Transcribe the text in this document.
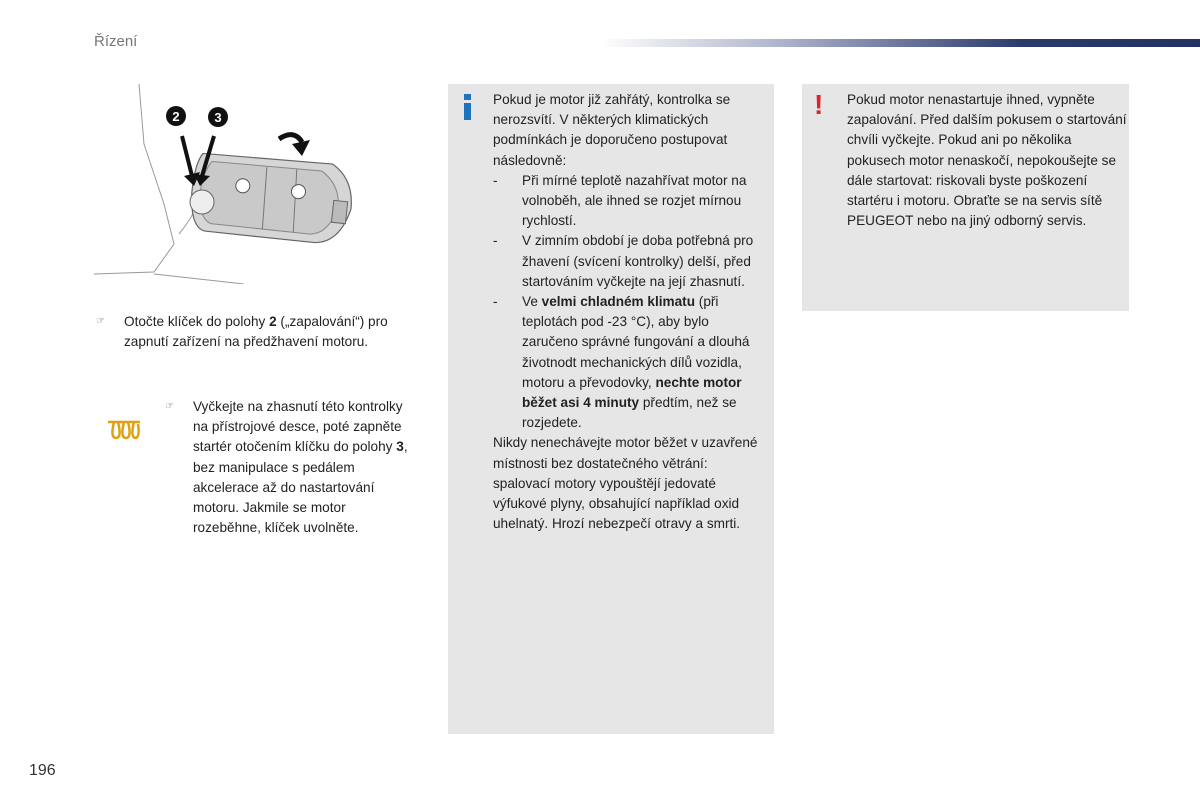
Řízení
2	3
☞ Otočte klíček do polohy 2 („zapalování“) pro zapnutí zařízení na předžhavení motoru.
☞ Vyčkejte na zhasnutí této kontrolky na přístrojové desce, poté zapněte startér otočením klíčku do polohy 3, bez manipulace s pedálem akcelerace až do nastartování motoru. Jakmile se motor rozeběhne, klíček uvolněte.
Pokud je motor již zahřátý, kontrolka se nerozsvítí. V některých klimatických podmínkách je doporučeno postupovat následovně:
- Při mírné teplotě nazahřívat motor na volnoběh, ale ihned se rozjet mírnou rychlostí.
- V zimním období je doba potřebná pro žhavení (svícení kontrolky) delší, před startováním vyčkejte na její zhasnutí.
- Ve velmi chladném klimatu (při teplotách pod -23 °C), aby bylo zaručeno správné fungování a dlouhá životnodt mechanických dílů vozidla, motoru a převodovky, nechte motor běžet asi 4 minuty předtím, než se rozjedete.
Nikdy nenechávejte motor běžet v uzavřené místnosti bez dostatečného větrání: spalovací motory vypouštějí jedovaté výfukové plyny, obsahující například oxid uhelnatý. Hrozí nebezpečí otravy a smrti.
! Pokud motor nenastartuje ihned, vypněte zapalování. Před dalším pokusem o startování chvíli vyčkejte. Pokud ani po několika pokusech motor nenaskočí, nepokoušejte se dále startovat: riskovali byste poškození startéru i motoru. Obraťte se na servis sítě PEUGEOT nebo na jiný odborný servis.
196
